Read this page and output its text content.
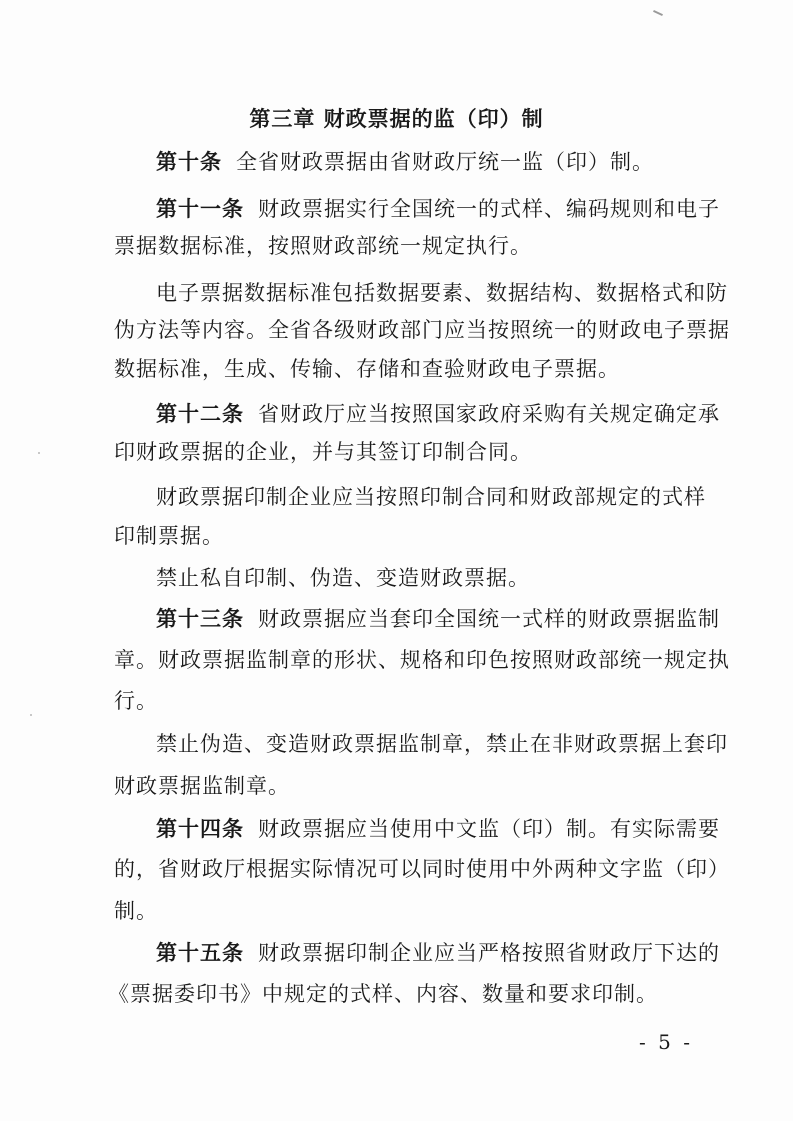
第三章 财政票据的监（印）制
第十条 全省财政票据由省财政厅统一监（印）制。
第十一条 财政票据实行全国统一的式样、编码规则和电子
票据数据标准，按照财政部统一规定执行。
电子票据数据标准包括数据要素、数据结构、数据格式和防
伪方法等内容。全省各级财政部门应当按照统一的财政电子票据
数据标准，生成、传输、存储和查验财政电子票据。
第十二条 省财政厅应当按照国家政府采购有关规定确定承
印财政票据的企业，并与其签订印制合同。
财政票据印制企业应当按照印制合同和财政部规定的式样
印制票据。
禁止私自印制、伪造、变造财政票据。
第十三条 财政票据应当套印全国统一式样的财政票据监制
章。财政票据监制章的形状、规格和印色按照财政部统一规定执
行。
禁止伪造、变造财政票据监制章，禁止在非财政票据上套印
财政票据监制章。
第十四条 财政票据应当使用中文监（印）制。有实际需要
的，省财政厅根据实际情况可以同时使用中外两种文字监（印）
制。
第十五条 财政票据印制企业应当严格按照省财政厅下达的
《票据委印书》中规定的式样、内容、数量和要求印制。
- 5 -
